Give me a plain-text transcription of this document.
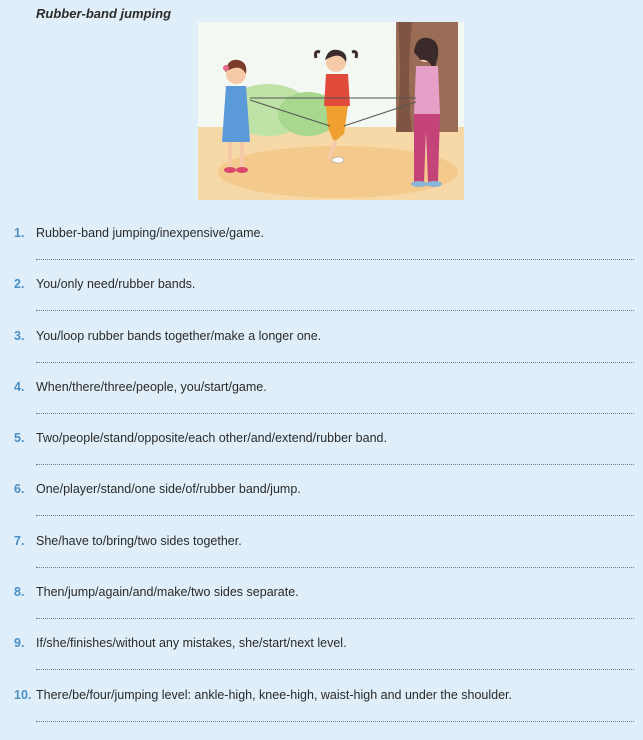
Rubber-band jumping
1. Rubber-band jumping/inexpensive/game.
2. You/only need/rubber bands.
3. You/loop rubber bands together/make a longer one.
4. When/there/three/people, you/start/game.
5. Two/people/stand/opposite/each other/and/extend/rubber band.
6. One/player/stand/one side/of/rubber band/jump.
7. She/have to/bring/two sides together.
8. Then/jump/again/and/make/two sides separate.
9. If/she/finishes/without any mistakes, she/start/next level.
10. There/be/four/jumping level: ankle-high, knee-high, waist-high and under the shoulder.
